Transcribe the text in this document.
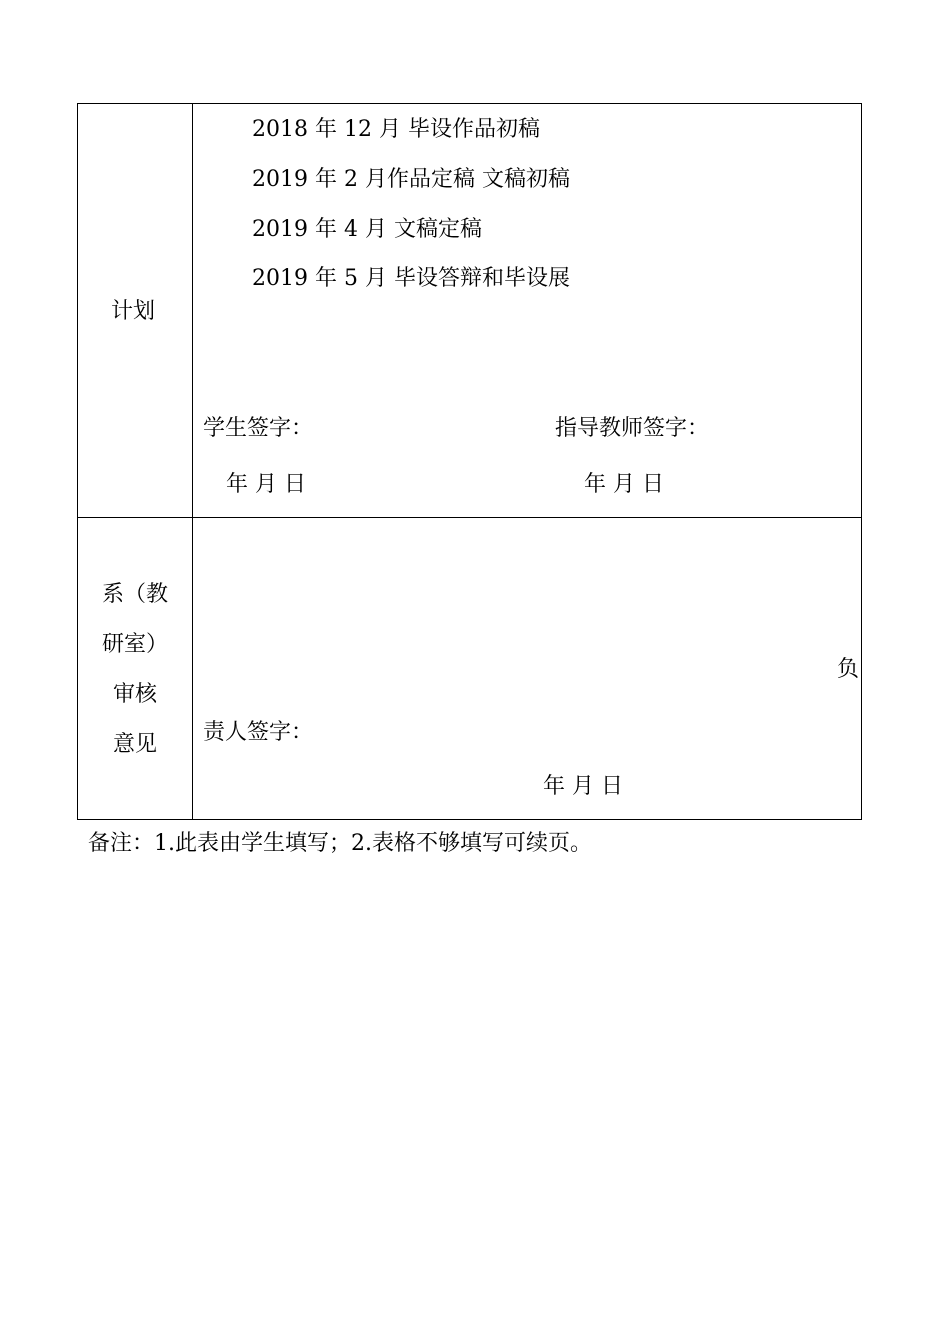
计划
2018 年 12 月 毕设作品初稿
2019 年 2 月作品定稿 文稿初稿
2019 年 4 月 文稿定稿
2019 年 5 月 毕设答辩和毕设展
学生签字：	指导教师签字：
年 月 日	年 月 日
系（教
研室）
审核
意见
负
责人签字：
年 月 日
备注：1.此表由学生填写；2.表格不够填写可续页。
